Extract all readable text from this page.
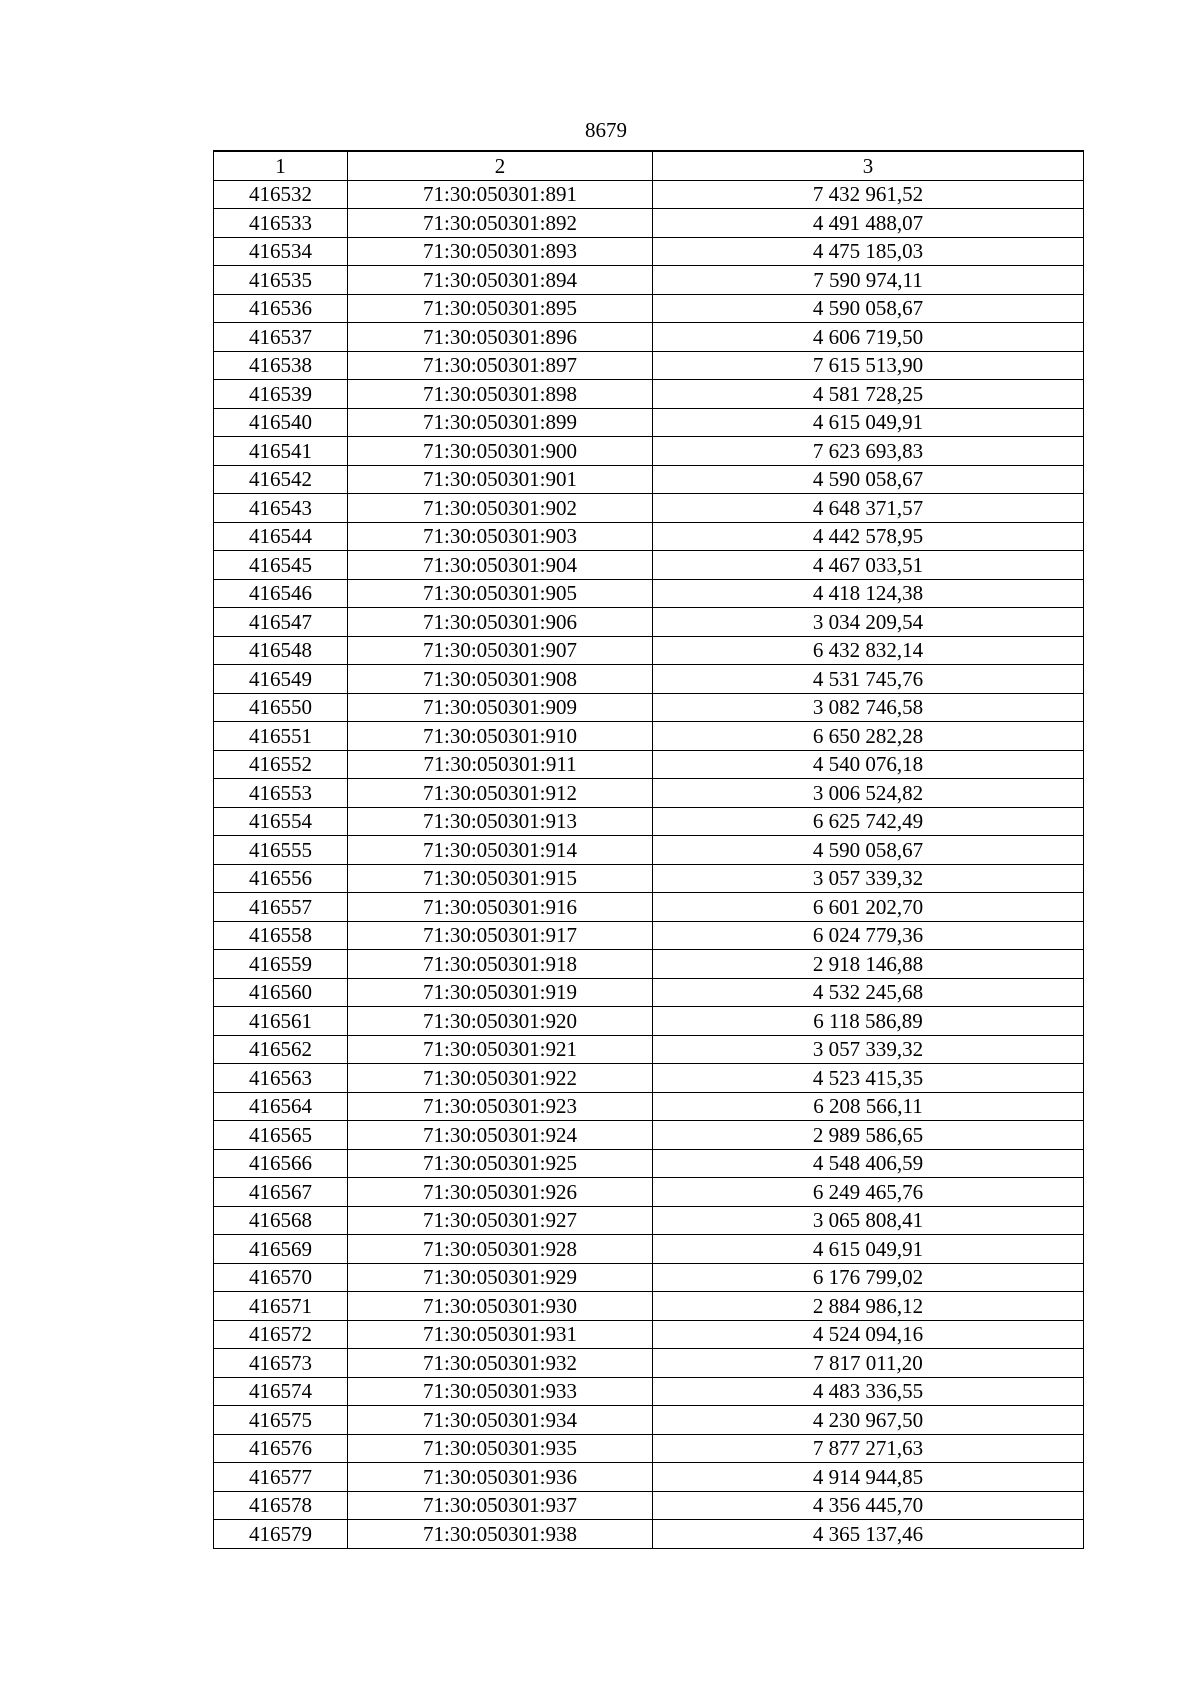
8679
1	2	3
416532	71:30:050301:891	7 432 961,52
416533	71:30:050301:892	4 491 488,07
416534	71:30:050301:893	4 475 185,03
416535	71:30:050301:894	7 590 974,11
416536	71:30:050301:895	4 590 058,67
416537	71:30:050301:896	4 606 719,50
416538	71:30:050301:897	7 615 513,90
416539	71:30:050301:898	4 581 728,25
416540	71:30:050301:899	4 615 049,91
416541	71:30:050301:900	7 623 693,83
416542	71:30:050301:901	4 590 058,67
416543	71:30:050301:902	4 648 371,57
416544	71:30:050301:903	4 442 578,95
416545	71:30:050301:904	4 467 033,51
416546	71:30:050301:905	4 418 124,38
416547	71:30:050301:906	3 034 209,54
416548	71:30:050301:907	6 432 832,14
416549	71:30:050301:908	4 531 745,76
416550	71:30:050301:909	3 082 746,58
416551	71:30:050301:910	6 650 282,28
416552	71:30:050301:911	4 540 076,18
416553	71:30:050301:912	3 006 524,82
416554	71:30:050301:913	6 625 742,49
416555	71:30:050301:914	4 590 058,67
416556	71:30:050301:915	3 057 339,32
416557	71:30:050301:916	6 601 202,70
416558	71:30:050301:917	6 024 779,36
416559	71:30:050301:918	2 918 146,88
416560	71:30:050301:919	4 532 245,68
416561	71:30:050301:920	6 118 586,89
416562	71:30:050301:921	3 057 339,32
416563	71:30:050301:922	4 523 415,35
416564	71:30:050301:923	6 208 566,11
416565	71:30:050301:924	2 989 586,65
416566	71:30:050301:925	4 548 406,59
416567	71:30:050301:926	6 249 465,76
416568	71:30:050301:927	3 065 808,41
416569	71:30:050301:928	4 615 049,91
416570	71:30:050301:929	6 176 799,02
416571	71:30:050301:930	2 884 986,12
416572	71:30:050301:931	4 524 094,16
416573	71:30:050301:932	7 817 011,20
416574	71:30:050301:933	4 483 336,55
416575	71:30:050301:934	4 230 967,50
416576	71:30:050301:935	7 877 271,63
416577	71:30:050301:936	4 914 944,85
416578	71:30:050301:937	4 356 445,70
416579	71:30:050301:938	4 365 137,46
